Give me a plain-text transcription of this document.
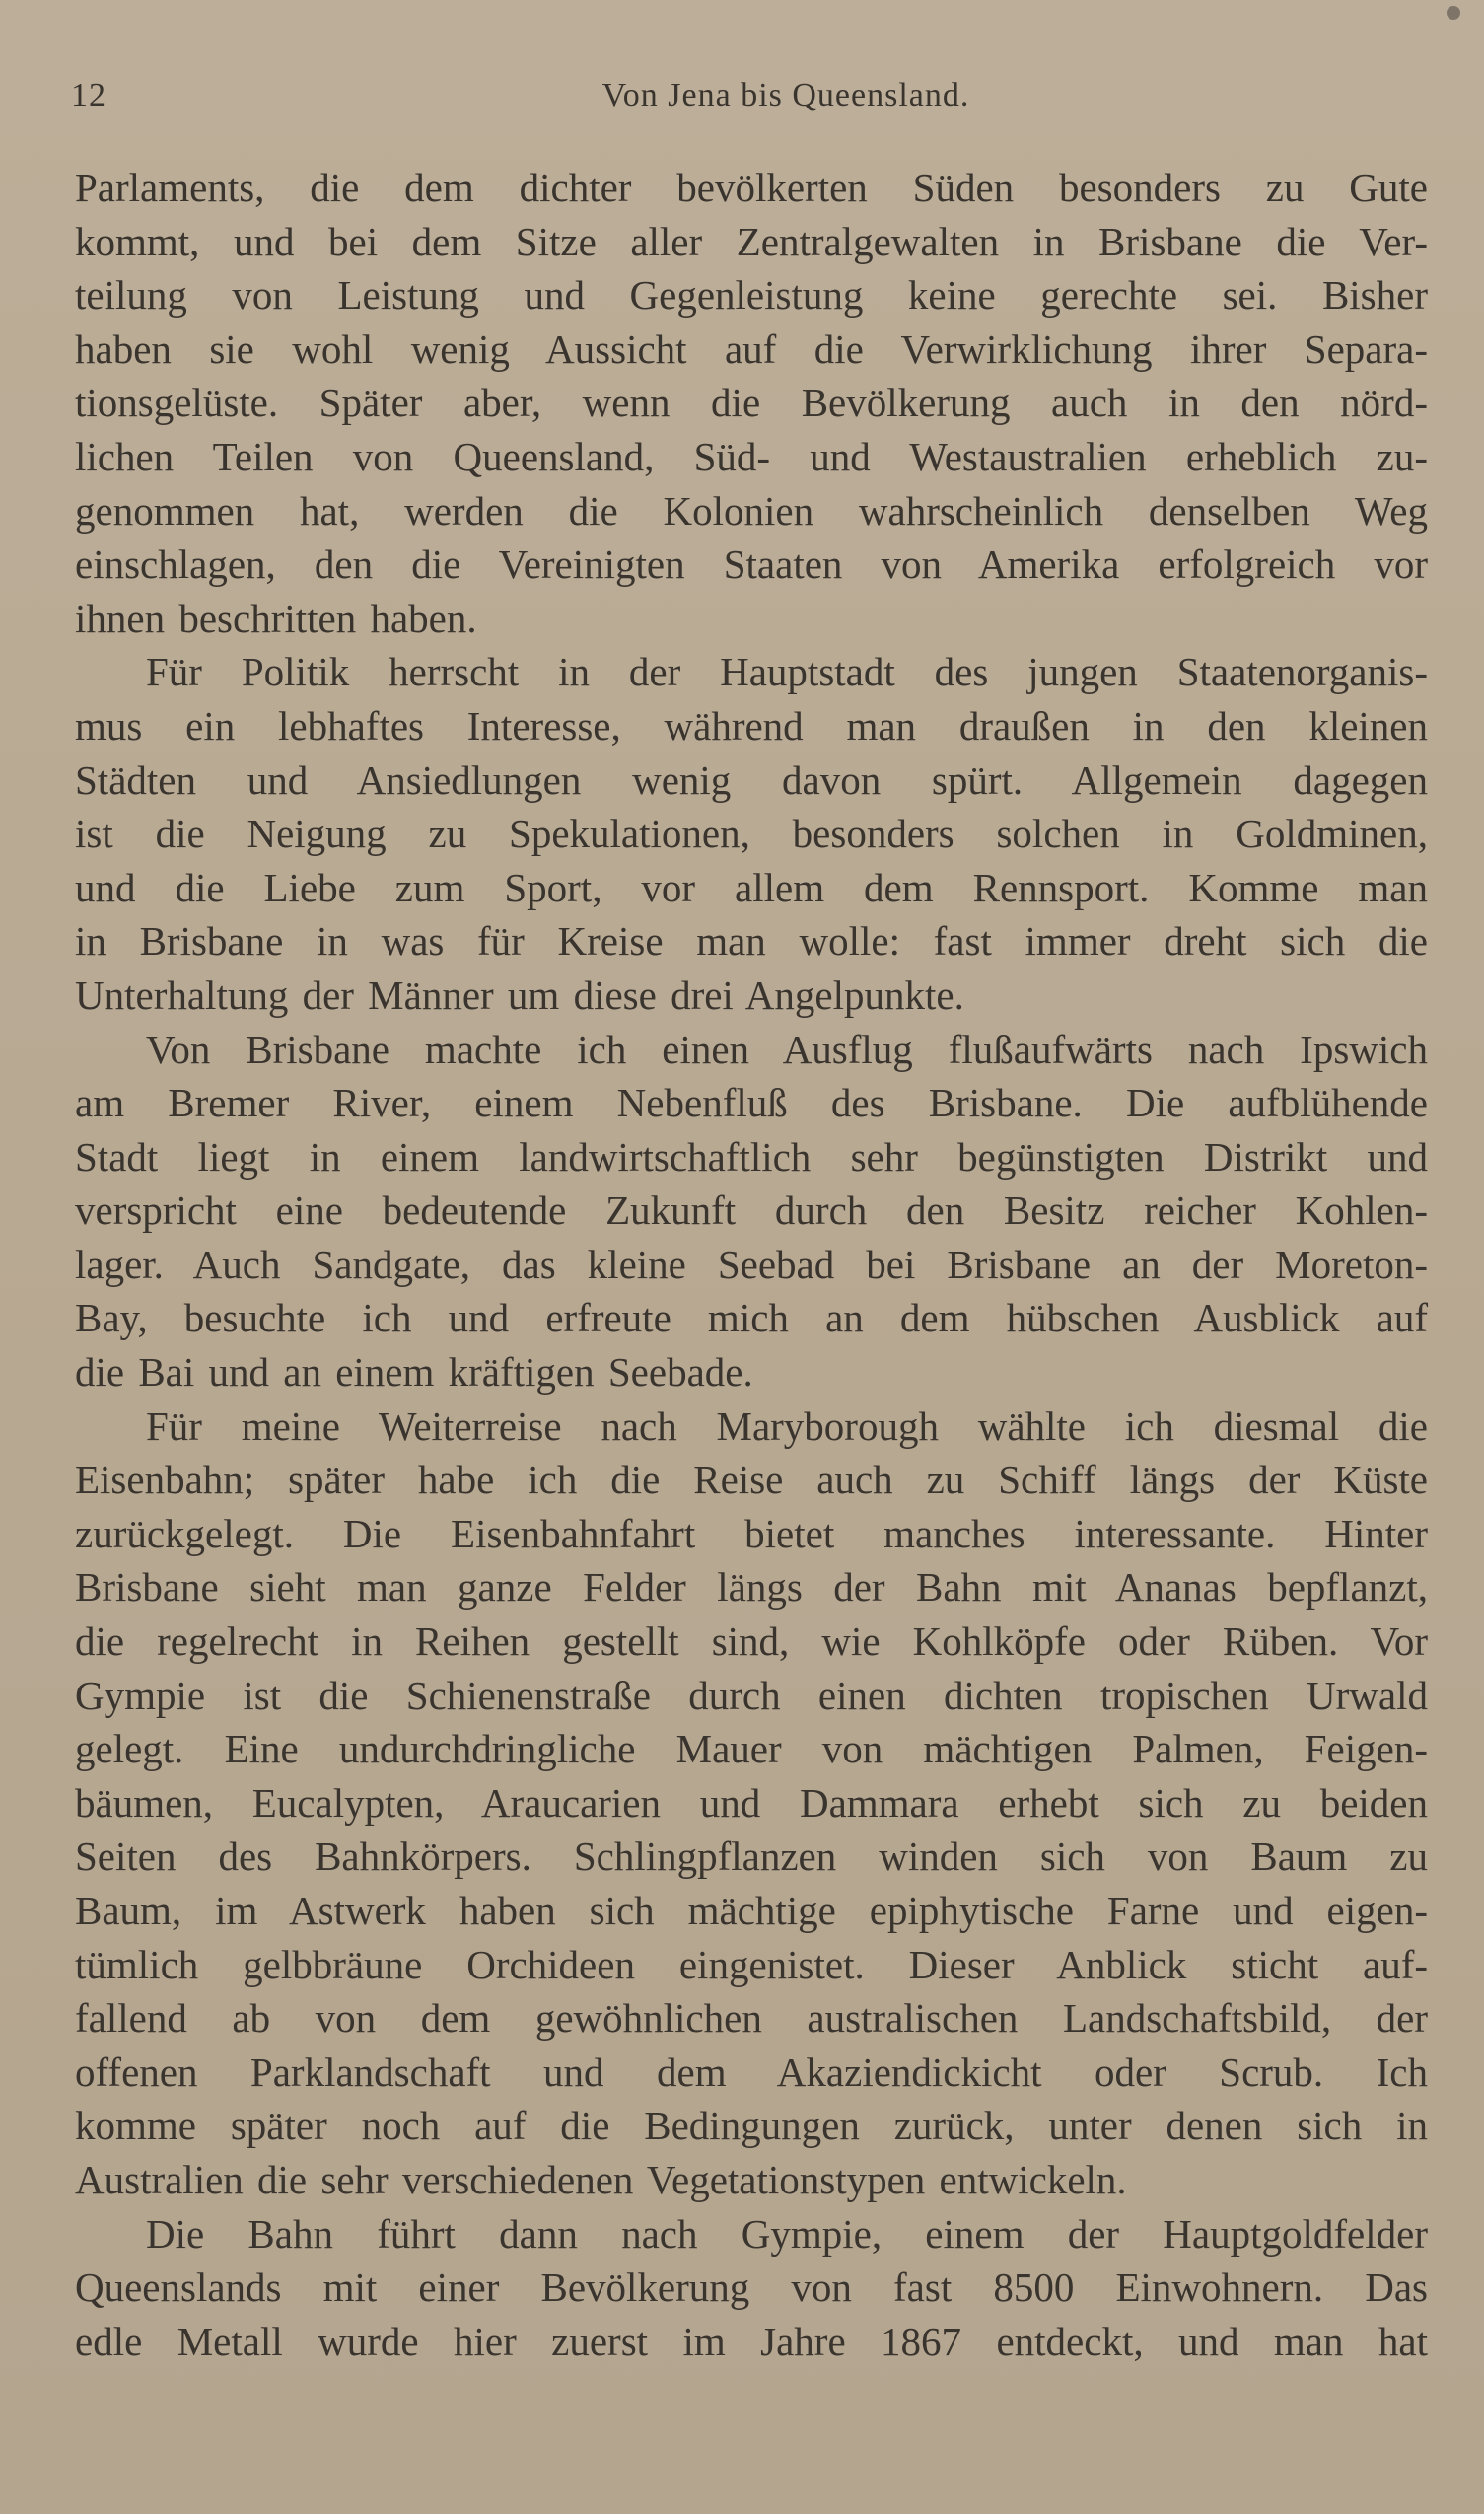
12	Von Jena bis Queensland.
Parlaments, die dem dichter bevölkerten Süden besonders zu Gute
kommt, und bei dem Sitze aller Zentralgewalten in Brisbane die Ver-
teilung von Leistung und Gegenleistung keine gerechte sei. Bisher
haben sie wohl wenig Aussicht auf die Verwirklichung ihrer Separa-
tionsgelüste. Später aber, wenn die Bevölkerung auch in den nörd-
lichen Teilen von Queensland, Süd- und Westaustralien erheblich zu-
genommen hat, werden die Kolonien wahrscheinlich denselben Weg
einschlagen, den die Vereinigten Staaten von Amerika erfolgreich vor
ihnen beschritten haben.
Für Politik herrscht in der Hauptstadt des jungen Staatenorganis-
mus ein lebhaftes Interesse, während man draußen in den kleinen
Städten und Ansiedlungen wenig davon spürt. Allgemein dagegen
ist die Neigung zu Spekulationen, besonders solchen in Goldminen,
und die Liebe zum Sport, vor allem dem Rennsport. Komme man
in Brisbane in was für Kreise man wolle: fast immer dreht sich die
Unterhaltung der Männer um diese drei Angelpunkte.
Von Brisbane machte ich einen Ausflug flußaufwärts nach Ipswich
am Bremer River, einem Nebenfluß des Brisbane. Die aufblühende
Stadt liegt in einem landwirtschaftlich sehr begünstigten Distrikt und
verspricht eine bedeutende Zukunft durch den Besitz reicher Kohlen-
lager. Auch Sandgate, das kleine Seebad bei Brisbane an der Moreton-
Bay, besuchte ich und erfreute mich an dem hübschen Ausblick auf
die Bai und an einem kräftigen Seebade.
Für meine Weiterreise nach Maryborough wählte ich diesmal die
Eisenbahn; später habe ich die Reise auch zu Schiff längs der Küste
zurückgelegt. Die Eisenbahnfahrt bietet manches interessante. Hinter
Brisbane sieht man ganze Felder längs der Bahn mit Ananas bepflanzt,
die regelrecht in Reihen gestellt sind, wie Kohlköpfe oder Rüben. Vor
Gympie ist die Schienenstraße durch einen dichten tropischen Urwald
gelegt. Eine undurchdringliche Mauer von mächtigen Palmen, Feigen-
bäumen, Eucalypten, Araucarien und Dammara erhebt sich zu beiden
Seiten des Bahnkörpers. Schlingpflanzen winden sich von Baum zu
Baum, im Astwerk haben sich mächtige epiphytische Farne und eigen-
tümlich gelbbräune Orchideen eingenistet. Dieser Anblick sticht auf-
fallend ab von dem gewöhnlichen australischen Landschaftsbild, der
offenen Parklandschaft und dem Akaziendickicht oder Scrub. Ich
komme später noch auf die Bedingungen zurück, unter denen sich in
Australien die sehr verschiedenen Vegetationstypen entwickeln.
Die Bahn führt dann nach Gympie, einem der Hauptgoldfelder
Queenslands mit einer Bevölkerung von fast 8500 Einwohnern. Das
edle Metall wurde hier zuerst im Jahre 1867 entdeckt, und man hat
